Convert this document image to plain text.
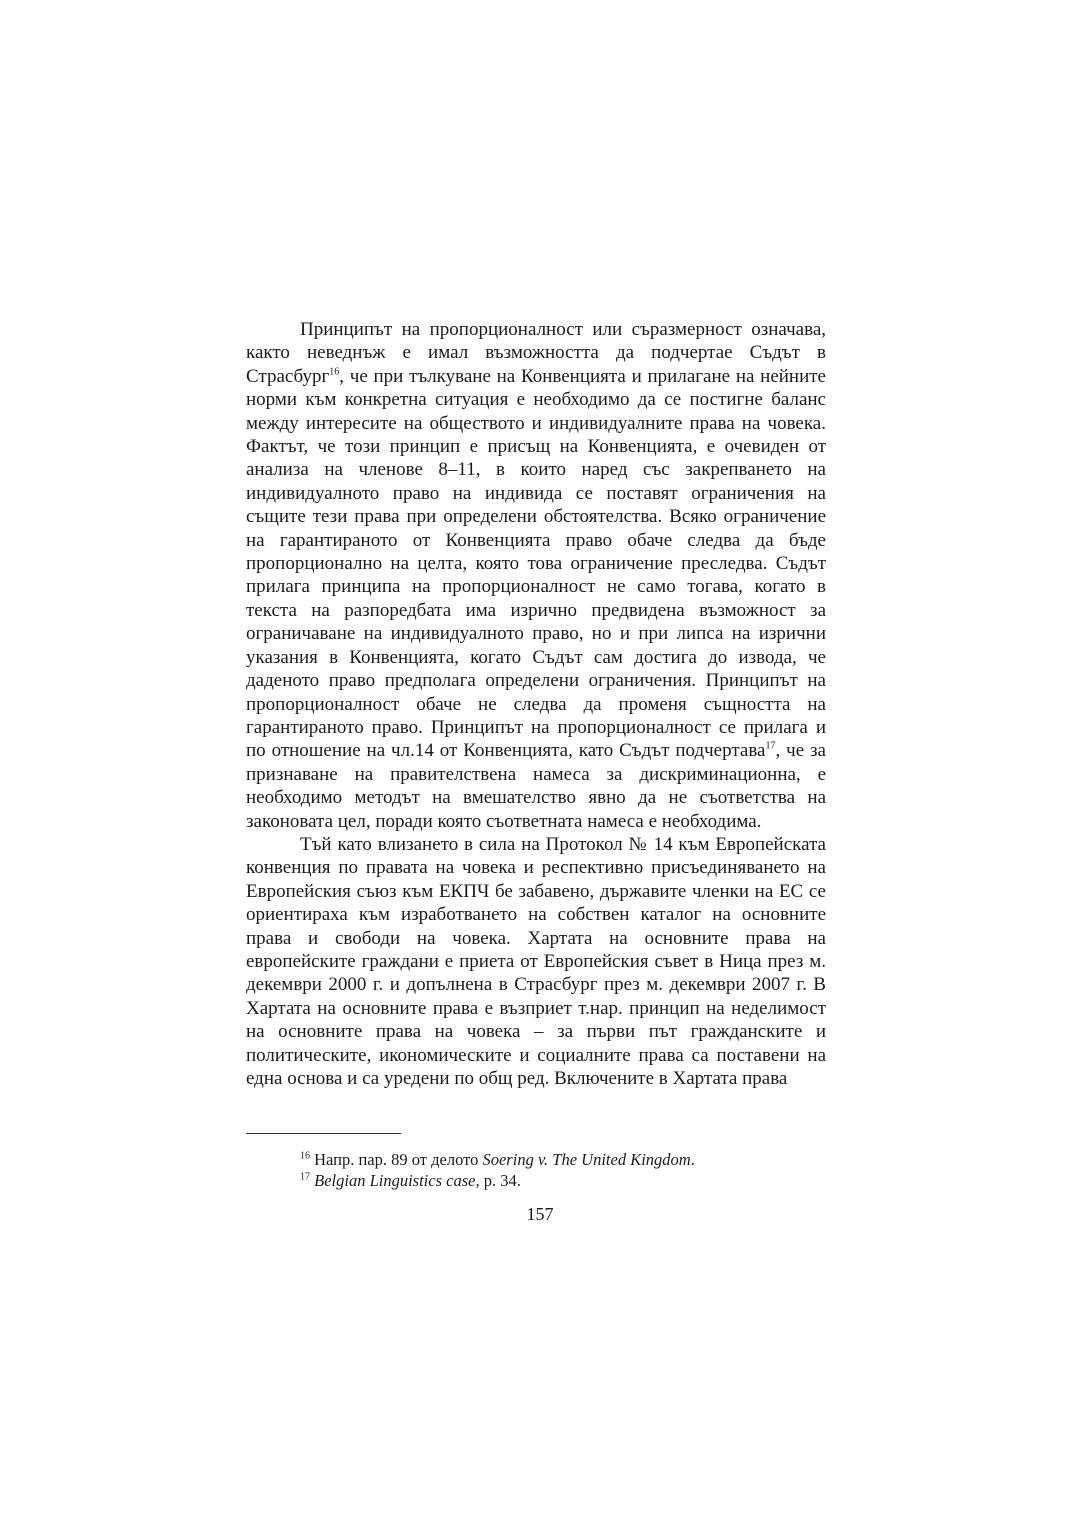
Принципът на пропорционалност или съразмерност означава, както неведнъж е имал възможността да подчертае Съдът в Страсбург$^{16}$, че при тълкуване на Конвенцията и прилагане на нейните норми към конкретна ситуация е необходимо да се постигне баланс между интересите на обществото и индивидуалните права на човека. Фактът, че този принцип е присъщ на Конвенцията, е очевиден от анализа на членове 8–11, в които наред със закрепването на индивидуалното право на индивида се поставят ограничения на същите тези права при определени обстоятелства. Всяко ограничение на гарантираното от Конвенцията право обаче следва да бъде пропорционално на целта, която това ограничение преследва. Съдът прилага принципа на пропорционалност не само тогава, когато в текста на разпоредбата има изрично предвидена възможност за ограничаване на индивидуалното право, но и при липса на изрични указания в Конвенцията, когато Съдът сам достига до извода, че даденото право предполага определени ограничения. Принципът на пропорционалност обаче не следва да променя същността на гарантираното право. Принципът на пропорционалност се прилага и по отношение на чл.14 от Конвенцията, като Съдът подчертава$^{17}$, че за признаване на правителствена намеса за дискриминационна, е необходимо методът на вмешателство явно да не съответства на законовата цел, поради която съответната намеса е необходима.

Тъй като влизането в сила на Протокол № 14 към Европейската конвенция по правата на човека и респективно присъединяването на Европейския съюз към ЕКПЧ бе забавено, държавите членки на ЕС се ориентираха към изработването на собствен каталог на основните права и свободи на човека. Хартата на основните права на европейските граждани е приета от Европейския съвет в Ница през м. декември 2000 г. и допълнена в Страсбург през м. декември 2007 г. В Хартата на основните права е възприет т.нар. принцип на неделимост на основните права на човека – за първи път гражданските и политическите, икономическите и социалните права са поставени на една основа и са уредени по общ ред. Включените в Хартата права

$^{16}$ Напр. пар. 89 от делото Soering v. The United Kingdom.

$^{17}$ Belgian Linguistics case, p. 34.

157
